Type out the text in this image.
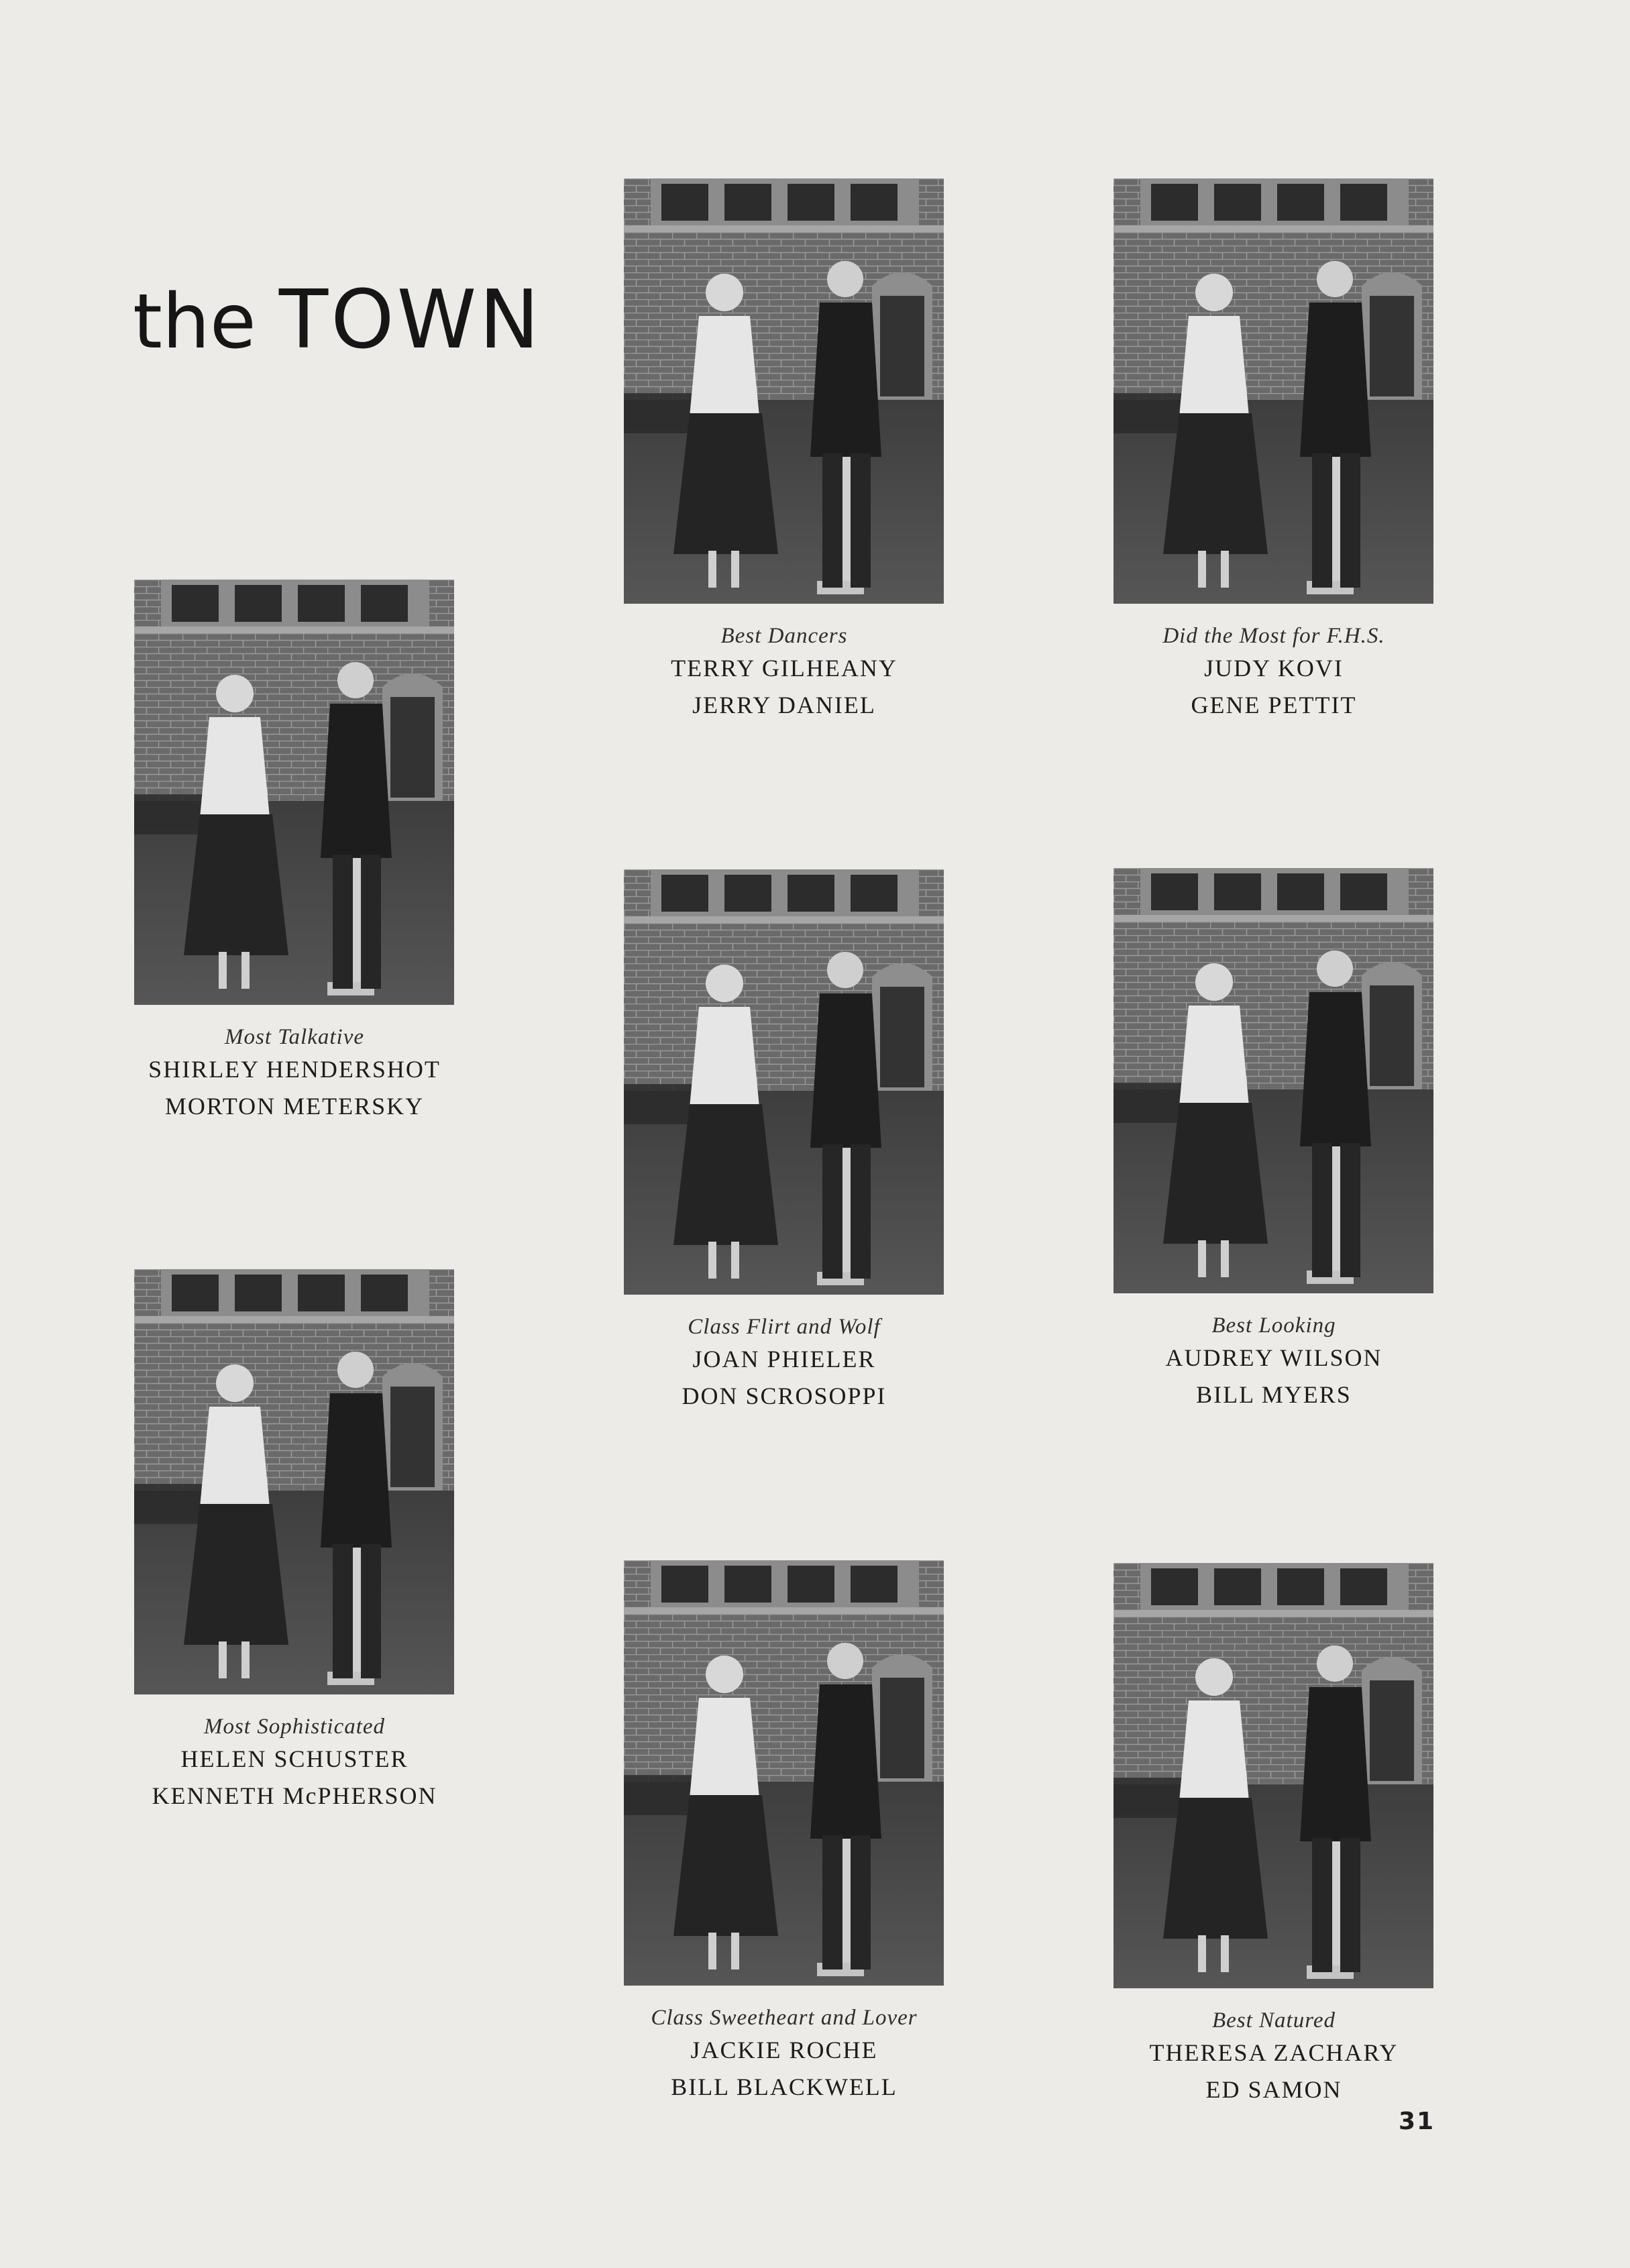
the TOWN
Best Dancers
TERRY GILHEANY
JERRY DANIEL
Did the Most for F.H.S.
JUDY KOVI
GENE PETTIT
Most Talkative
SHIRLEY HENDERSHOT
MORTON METERSKY
Class Flirt and Wolf
JOAN PHIELER
DON SCROSOPPI
Best Looking
AUDREY WILSON
BILL MYERS
Most Sophisticated
HELEN SCHUSTER
KENNETH McPHERSON
Class Sweetheart and Lover
JACKIE ROCHE
BILL BLACKWELL
Best Natured
THERESA ZACHARY
ED SAMON
31
